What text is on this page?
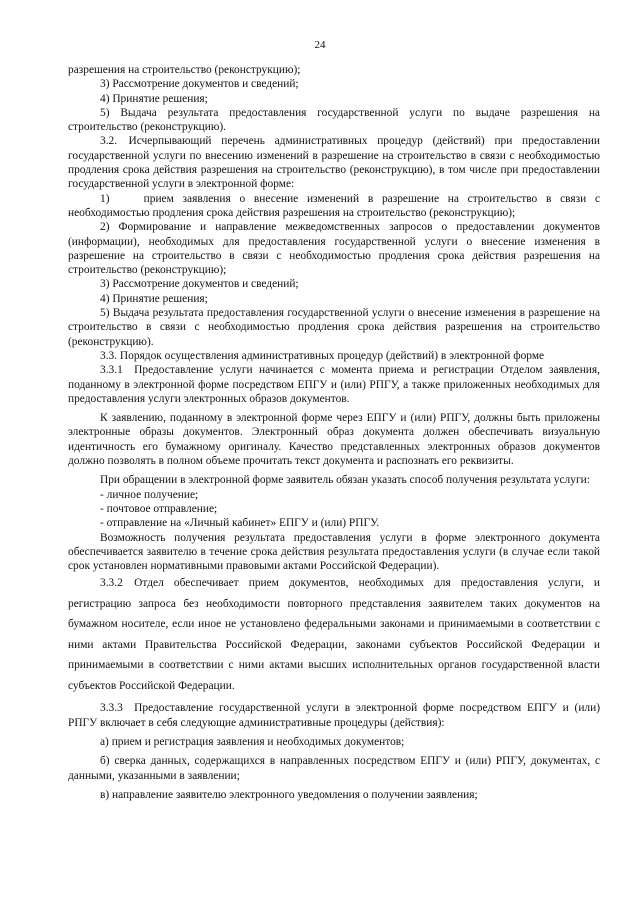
24

разрешения на строительство (реконструкцию);

3) Рассмотрение документов и сведений;

4) Принятие решения;

5) Выдача результата предоставления государственной услуги по выдаче разрешения на строительство (реконструкцию).

3.2. Исчерпывающий перечень административных процедур (действий) при предоставлении государственной услуги по внесению изменений в разрешение на строительство в связи с необходимостью продления срока действия разрешения на строительство (реконструкцию), в том числе при предоставлении государственной услуги в электронной форме:

1)   прием заявления о внесение изменений в разрешение на строительство в связи с необходимостью продления срока действия разрешения на строительство (реконструкцию);

2) Формирование и направление межведомственных запросов о предоставлении документов (информации), необходимых для предоставления государственной услуги о внесение изменения в разрешение на строительство в связи с необходимостью продления срока действия разрешения на строительство (реконструкцию);

3) Рассмотрение документов и сведений;

4) Принятие решения;

5) Выдача результата предоставления государственной услуги о внесение изменения в разрешение на строительство в связи с необходимостью продления срока действия разрешения на строительство (реконструкцию).

3.3. Порядок осуществления административных процедур (действий) в электронной форме

3.3.1 Предоставление услуги начинается с момента приема и регистрации Отделом заявления, поданному в электронной форме посредством ЕПГУ и (или) РПГУ, а также приложенных необходимых для предоставления услуги электронных образов документов.

К заявлению, поданному в электронной форме через ЕПГУ и (или) РПГУ, должны быть приложены электронные образы документов. Электронный образ документа должен обеспечивать визуальную идентичность его бумажному оригиналу. Качество представленных электронных образов документов должно позволять в полном объеме прочитать текст документа и распознать его реквизиты.

При обращении в электронной форме заявитель обязан указать способ получения результата услуги:

- личное получение;

- почтовое отправление;

- отправление на «Личный кабинет» ЕПГУ и (или) РПГУ.

Возможность получения результата предоставления услуги в форме электронного документа обеспечивается заявителю в течение срока действия результата предоставления услуги (в случае если такой срок установлен нормативными правовыми актами Российской Федерации).

3.3.2 Отдел обеспечивает прием документов, необходимых для предоставления услуги, и регистрацию запроса без необходимости повторного представления заявителем таких документов на бумажном носителе, если иное не установлено федеральными законами и принимаемыми в соответствии с ними актами Правительства Российской Федерации, законами субъектов Российской Федерации и принимаемыми в соответствии с ними актами высших исполнительных органов государственной власти субъектов Российской Федерации.

3.3.3 Предоставление государственной услуги в электронной форме посредством ЕПГУ и (или) РПГУ включает в себя следующие административные процедуры (действия):

а) прием и регистрация заявления и необходимых документов;

б) сверка данных, содержащихся в направленных посредством ЕПГУ и (или) РПГУ, документах, с данными, указанными в заявлении;

в) направление заявителю электронного уведомления о получении заявления;
